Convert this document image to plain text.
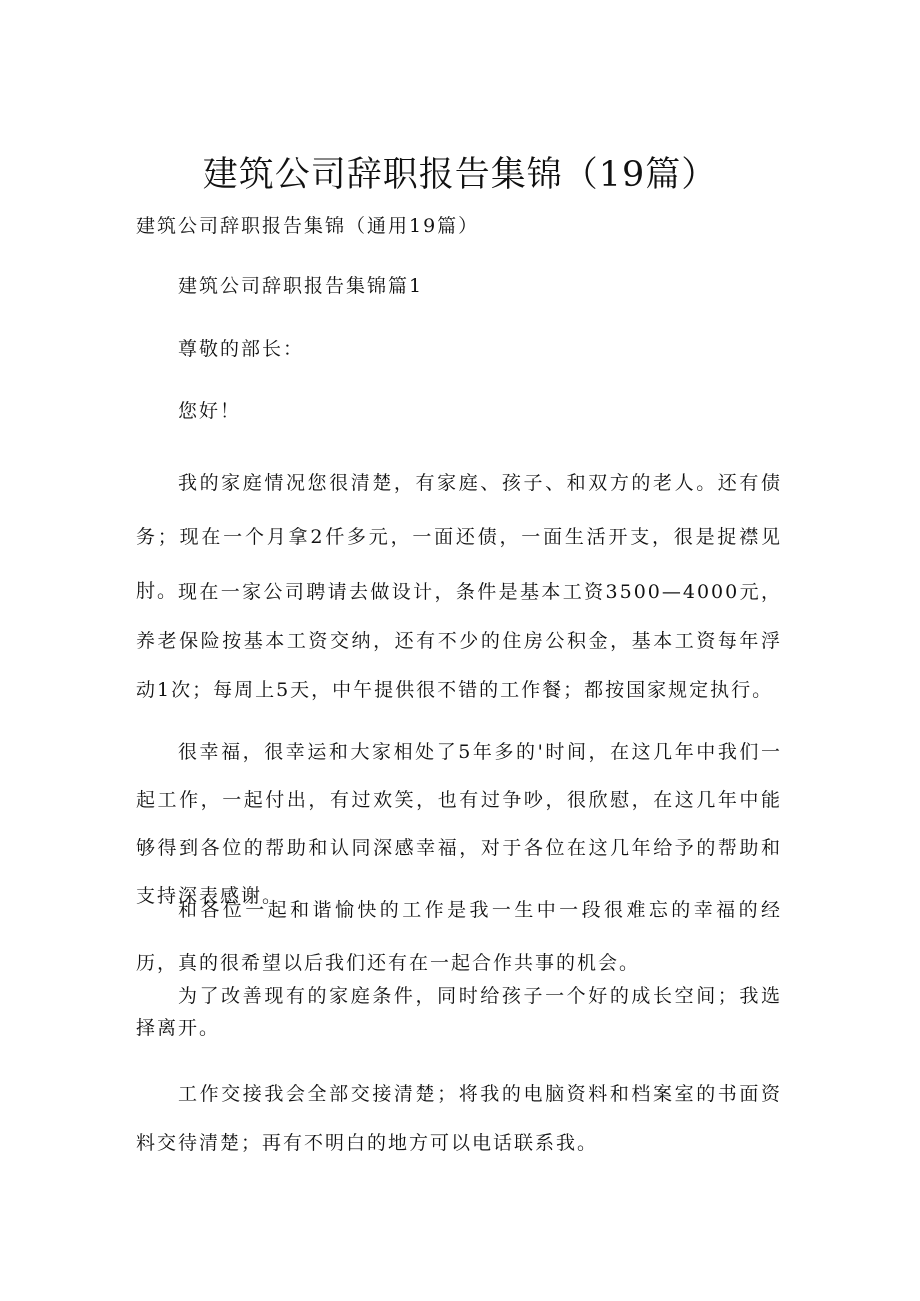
建筑公司辞职报告集锦（19篇）

建筑公司辞职报告集锦（通用19篇）

建筑公司辞职报告集锦篇1

尊敬的部长：

您好！

我的家庭情况您很清楚，有家庭、孩子、和双方的老人。还有债务；现在一个月拿2仟多元，一面还债，一面生活开支，很是捉襟见肘。 现在一家公司聘请去做设计，条件是基本工资3500—4000元，养老保险按基本工资交纳，还有不少的住房公积金，基本工资每年浮动1次；每周上5天，中午提供很不错的工作餐；都按国家规定执行。

很幸福，很幸运和大家相处了5年多的'时间，在这几年中我们一起工作，一起付出，有过欢笑，也有过争吵，很欣慰，在这几年中能够得到各位的帮助和认同深感幸福，对于各位在这几年给予的帮助和支持深表感谢。

和各位一起和谐愉快的工作是我一生中一段很难忘的幸福的经历，真的很希望以后我们还有在一起合作共事的机会。

为了改善现有的家庭条件，同时给孩子一个好的成长空间；我选择离开。

工作交接我会全部交接清楚；将我的电脑资料和档案室的书面资料交待清楚；再有不明白的地方可以电话联系我。
